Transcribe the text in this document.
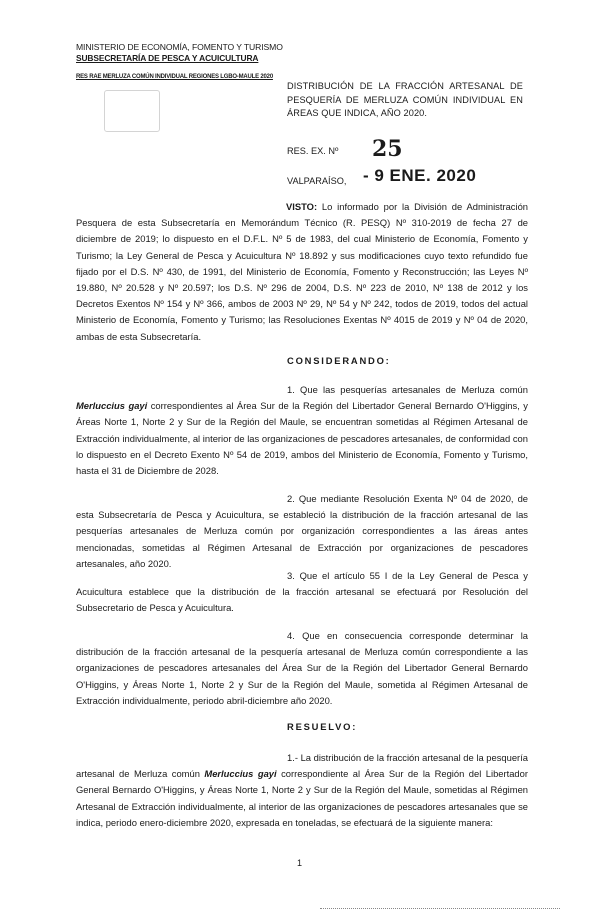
MINISTERIO DE ECONOMÍA, FOMENTO Y TURISMO
SUBSECRETARÍA DE PESCA Y ACUICULTURA
RES RAE MERLUZA COMÚN INDIVIDUAL REGIONES LGBO-MAULE 2020
DISTRIBUCIÓN DE LA FRACCIÓN ARTESANAL DE PESQUERÍA DE MERLUZA COMÚN INDIVIDUAL EN ÁREAS QUE INDICA, AÑO 2020.
RES. EX. Nº 25
VALPARAÍSO, - 9 ENE. 2020

VISTO: Lo informado por la División de Administración Pesquera de esta Subsecretaría en Memorándum Técnico (R. PESQ) Nº 310-2019 de fecha 27 de diciembre de 2019; lo dispuesto en el D.F.L. Nº 5 de 1983, del cual Ministerio de Economía, Fomento y Turismo; la Ley General de Pesca y Acuicultura Nº 18.892 y sus modificaciones cuyo texto refundido fue fijado por el D.S. Nº 430, de 1991, del Ministerio de Economía, Fomento y Reconstrucción; las Leyes Nº 19.880, Nº 20.528 y Nº 20.597; los D.S. Nº 296 de 2004, D.S. Nº 223 de 2010, Nº 138 de 2012 y los Decretos Exentos Nº 154 y Nº 366, ambos de 2003 Nº 29, Nº 54 y Nº 242, todos de 2019, todos del actual Ministerio de Economía, Fomento y Turismo; las Resoluciones Exentas Nº 4015 de 2019 y Nº 04 de 2020, ambas de esta Subsecretaría.

CONSIDERANDO:

1. Que las pesquerías artesanales de Merluza común Merluccius gayi correspondientes al Área Sur de la Región del Libertador General Bernardo O'Higgins, y Áreas Norte 1, Norte 2 y Sur de la Región del Maule, se encuentran sometidas al Régimen Artesanal de Extracción individualmente, al interior de las organizaciones de pescadores artesanales, de conformidad con lo dispuesto en el Decreto Exento Nº 54 de 2019, ambos del Ministerio de Economía, Fomento y Turismo, hasta el 31 de Diciembre de 2028.

2. Que mediante Resolución Exenta Nº 04 de 2020, de esta Subsecretaría de Pesca y Acuicultura, se estableció la distribución de la fracción artesanal de las pesquerías artesanales de Merluza común por organización correspondientes a las áreas antes mencionadas, sometidas al Régimen Artesanal de Extracción por organizaciones de pescadores artesanales, año 2020.

3. Que el artículo 55 I de la Ley General de Pesca y Acuicultura establece que la distribución de la fracción artesanal se efectuará por Resolución del Subsecretario de Pesca y Acuicultura.

4. Que en consecuencia corresponde determinar la distribución de la fracción artesanal de la pesquería artesanal de Merluza común correspondiente a las organizaciones de pescadores artesanales del Área Sur de la Región del Libertador General Bernardo O'Higgins, y Áreas Norte 1, Norte 2 y Sur de la Región del Maule, sometida al Régimen Artesanal de Extracción individualmente, periodo abril-diciembre año 2020.

RESUELVO:

1.- La distribución de la fracción artesanal de la pesquería artesanal de Merluza común Merluccius gayi correspondiente al Área Sur de la Región del Libertador General Bernardo O'Higgins, y Áreas Norte 1, Norte 2 y Sur de la Región del Maule, sometidas al Régimen Artesanal de Extracción individualmente, al interior de las organizaciones de pescadores artesanales que se indica, periodo enero-diciembre 2020, expresada en toneladas, se efectuará de la siguiente manera:

1
